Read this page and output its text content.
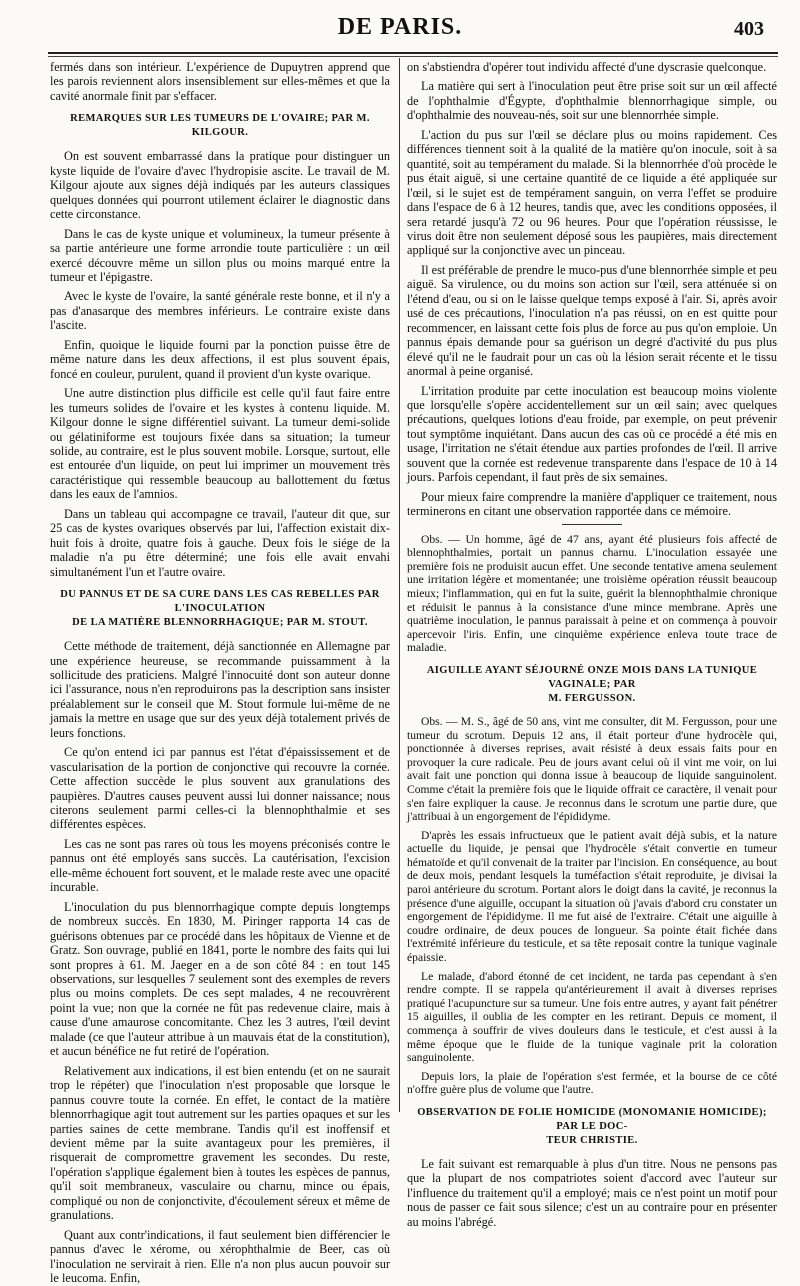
DE PARIS.	403

fermés dans son intérieur. L'expérience de Dupuytren apprend que les parois reviennent alors insensiblement sur elles-mêmes et que la cavité anormale finit par s'effacer.

REMARQUES SUR LES TUMEURS DE L'OVAIRE; PAR M. KILGOUR.

On est souvent embarrassé dans la pratique pour distinguer un kyste liquide de l'ovaire d'avec l'hydropisie ascite. Le travail de M. Kilgour ajoute aux signes déjà indiqués par les auteurs classiques quelques données qui pourront utilement éclairer le diagnostic dans cette circonstance.

Dans le cas de kyste unique et volumineux, la tumeur présente à sa partie antérieure une forme arrondie toute particulière : un œil exercé découvre même un sillon plus ou moins marqué entre la tumeur et l'épigastre.

Avec le kyste de l'ovaire, la santé générale reste bonne, et il n'y a pas d'anasarque des membres inférieurs. Le contraire existe dans l'ascite.

Enfin, quoique le liquide fourni par la ponction puisse être de même nature dans les deux affections, il est plus souvent épais, foncé en couleur, purulent, quand il provient d'un kyste ovarique.

Une autre distinction plus difficile est celle qu'il faut faire entre les tumeurs solides de l'ovaire et les kystes à contenu liquide. M. Kilgour donne le signe différentiel suivant. La tumeur demi-solide ou gélatiniforme est toujours fixée dans sa situation; la tumeur solide, au contraire, est le plus souvent mobile. Lorsque, surtout, elle est entourée d'un liquide, on peut lui imprimer un mouvement très caractéristique qui ressemble beaucoup au ballottement du fœtus dans les eaux de l'amnios.

Dans un tableau qui accompagne ce travail, l'auteur dit que, sur 25 cas de kystes ovariques observés par lui, l'affection existait dix-huit fois à droite, quatre fois à gauche. Deux fois le siége de la maladie n'a pu être déterminé; une fois elle avait envahi simultanément l'un et l'autre ovaire.

DU PANNUS ET DE SA CURE DANS LES CAS REBELLES PAR L'INOCULATION
DE LA MATIÈRE BLENNORRHAGIQUE; PAR M. STOUT.

Cette méthode de traitement, déjà sanctionnée en Allemagne par une expérience heureuse, se recommande puissamment à la sollicitude des praticiens. Malgré l'innocuité dont son auteur donne ici l'assurance, nous n'en reproduirons pas la description sans insister préalablement sur le conseil que M. Stout formule lui-même de ne jamais la mettre en usage que sur des yeux déjà totalement privés de leurs fonctions.

Ce qu'on entend ici par pannus est l'état d'épaississement et de vascularisation de la portion de conjonctive qui recouvre la cornée. Cette affection succède le plus souvent aux granulations des paupières. D'autres causes peuvent aussi lui donner naissance; nous citerons seulement parmi celles-ci la blennophthalmie et ses différentes espèces.

Les cas ne sont pas rares où tous les moyens préconisés contre le pannus ont été employés sans succès. La cautérisation, l'excision elle-même échouent fort souvent, et le malade reste avec une opacité incurable.

L'inoculation du pus blennorrhagique compte depuis longtemps de nombreux succès. En 1830, M. Piringer rapporta 14 cas de guérisons obtenues par ce procédé dans les hôpitaux de Vienne et de Gratz. Son ouvrage, publié en 1841, porte le nombre des faits qui lui sont propres à 61. M. Jaeger en a de son côté 84 : en tout 145 observations, sur lesquelles 7 seulement sont des exemples de revers plus ou moins complets. De ces sept malades, 4 ne recouvrèrent point la vue; non que la cornée ne fût pas redevenue claire, mais à cause d'une amaurose concomitante. Chez les 3 autres, l'œil devint malade (ce que l'auteur attribue à un mauvais état de la constitution), et aucun bénéfice ne fut retiré de l'opération.

Relativement aux indications, il est bien entendu (et on ne saurait trop le répéter) que l'inoculation n'est proposable que lorsque le pannus couvre toute la cornée. En effet, le contact de la matière blennorrhagique agit tout autrement sur les parties opaques et sur les parties saines de cette membrane. Tandis qu'il est inoffensif et devient même par la suite avantageux pour les premières, il risquerait de compromettre gravement les secondes. Du reste, l'opération s'applique également bien à toutes les espèces de pannus, qu'il soit membraneux, vasculaire ou charnu, mince ou épais, compliqué ou non de conjonctivite, d'écoulement séreux et même de granulations.

Quant aux contr'indications, il faut seulement bien différencier le pannus d'avec le xérome, ou xérophthalmie de Beer, cas où l'inoculation ne servirait à rien. Elle n'a non plus aucun pouvoir sur le leucoma. Enfin,

on s'abstiendra d'opérer tout individu affecté d'une dyscrasie quelconque.

La matière qui sert à l'inoculation peut être prise soit sur un œil affecté de l'ophthalmie d'Égypte, d'ophthalmie blennorrhagique simple, ou d'ophthalmie des nouveau-nés, soit sur une blennorrhée simple.

L'action du pus sur l'œil se déclare plus ou moins rapidement. Ces différences tiennent soit à la qualité de la matière qu'on inocule, soit à sa quantité, soit au tempérament du malade. Si la blennorrhée d'où procède le pus était aiguë, si une certaine quantité de ce liquide a été appliquée sur l'œil, si le sujet est de tempérament sanguin, on verra l'effet se produire dans l'espace de 6 à 12 heures, tandis que, avec les conditions opposées, il sera retardé jusqu'à 72 ou 96 heures. Pour que l'opération réussisse, le virus doit être non seulement déposé sous les paupières, mais directement appliqué sur la conjonctive avec un pinceau.

Il est préférable de prendre le muco-pus d'une blennorrhée simple et peu aiguë. Sa virulence, ou du moins son action sur l'œil, sera atténuée si on l'étend d'eau, ou si on le laisse quelque temps exposé à l'air. Si, après avoir usé de ces précautions, l'inoculation n'a pas réussi, on en est quitte pour recommencer, en laissant cette fois plus de force au pus qu'on emploie. Un pannus épais demande pour sa guérison un degré d'activité du pus plus élevé qu'il ne le faudrait pour un cas où la lésion serait récente et le tissu anormal à peine organisé.

L'irritation produite par cette inoculation est beaucoup moins violente que lorsqu'elle s'opère accidentellement sur un œil sain; avec quelques précautions, quelques lotions d'eau froide, par exemple, on peut prévenir tout symptôme inquiétant. Dans aucun des cas où ce procédé a été mis en usage, l'irritation ne s'était étendue aux parties profondes de l'œil. Il arrive souvent que la cornée est redevenue transparente dans l'espace de 10 à 14 jours. Parfois cependant, il faut près de six semaines.

Pour mieux faire comprendre la manière d'appliquer ce traitement, nous terminerons en citant une observation rapportée dans ce mémoire.

Obs. — Un homme, âgé de 47 ans, ayant été plusieurs fois affecté de blennophthalmies, portait un pannus charnu. L'inoculation essayée une première fois ne produisit aucun effet. Une seconde tentative amena seulement une irritation légère et momentanée; une troisième opération réussit beaucoup mieux; l'inflammation, qui en fut la suite, guérit la blennophthalmie chronique et réduisit le pannus à la consistance d'une mince membrane. Après une quatrième inoculation, le pannus paraissait à peine et on commença à pouvoir apercevoir l'iris. Enfin, une cinquième expérience enleva toute trace de maladie.

AIGUILLE AYANT SÉJOURNÉ ONZE MOIS DANS LA TUNIQUE VAGINALE; PAR
M. FERGUSSON.

Obs. — M. S., âgé de 50 ans, vint me consulter, dit M. Fergusson, pour une tumeur du scrotum. Depuis 12 ans, il était porteur d'une hydrocèle qui, ponctionnée à diverses reprises, avait résisté à deux essais faits pour en provoquer la cure radicale. Peu de jours avant celui où il vint me voir, on lui avait fait une ponction qui donna issue à beaucoup de liquide sanguinolent. Comme c'était la première fois que le liquide offrait ce caractère, il venait pour s'en faire expliquer la cause. Je reconnus dans le scrotum une partie dure, que j'attribuai à un engorgement de l'épididyme.

D'après les essais infructueux que le patient avait déjà subis, et la nature actuelle du liquide, je pensai que l'hydrocèle s'était convertie en tumeur hématoïde et qu'il convenait de la traiter par l'incision. En conséquence, au bout de deux mois, pendant lesquels la tuméfaction s'était reproduite, je divisai la paroi antérieure du scrotum. Portant alors le doigt dans la cavité, je reconnus la présence d'une aiguille, occupant la situation où j'avais d'abord cru constater un engorgement de l'épididyme. Il me fut aisé de l'extraire. C'était une aiguille à coudre ordinaire, de deux pouces de longueur. Sa pointe était fichée dans l'extrémité inférieure du testicule, et sa tête reposait contre la tunique vaginale épaissie.

Le malade, d'abord étonné de cet incident, ne tarda pas cependant à s'en rendre compte. Il se rappela qu'antérieurement il avait à diverses reprises pratiqué l'acupuncture sur sa tumeur. Une fois entre autres, y ayant fait pénétrer 15 aiguilles, il oublia de les compter en les retirant. Depuis ce moment, il commença à souffrir de vives douleurs dans le testicule, et c'est aussi à la même époque que le fluide de la tunique vaginale prit la coloration sanguinolente.

Depuis lors, la plaie de l'opération s'est fermée, et la bourse de ce côté n'offre guère plus de volume que l'autre.

OBSERVATION DE FOLIE HOMICIDE (MONOMANIE HOMICIDE); PAR LE DOC-
TEUR CHRISTIE.

Le fait suivant est remarquable à plus d'un titre. Nous ne pensons pas que la plupart de nos compatriotes soient d'accord avec l'auteur sur l'influence du traitement qu'il a employé; mais ce n'est point un motif pour nous de passer ce fait sous silence; c'est un au contraire pour en présenter au moins l'abrégé.
